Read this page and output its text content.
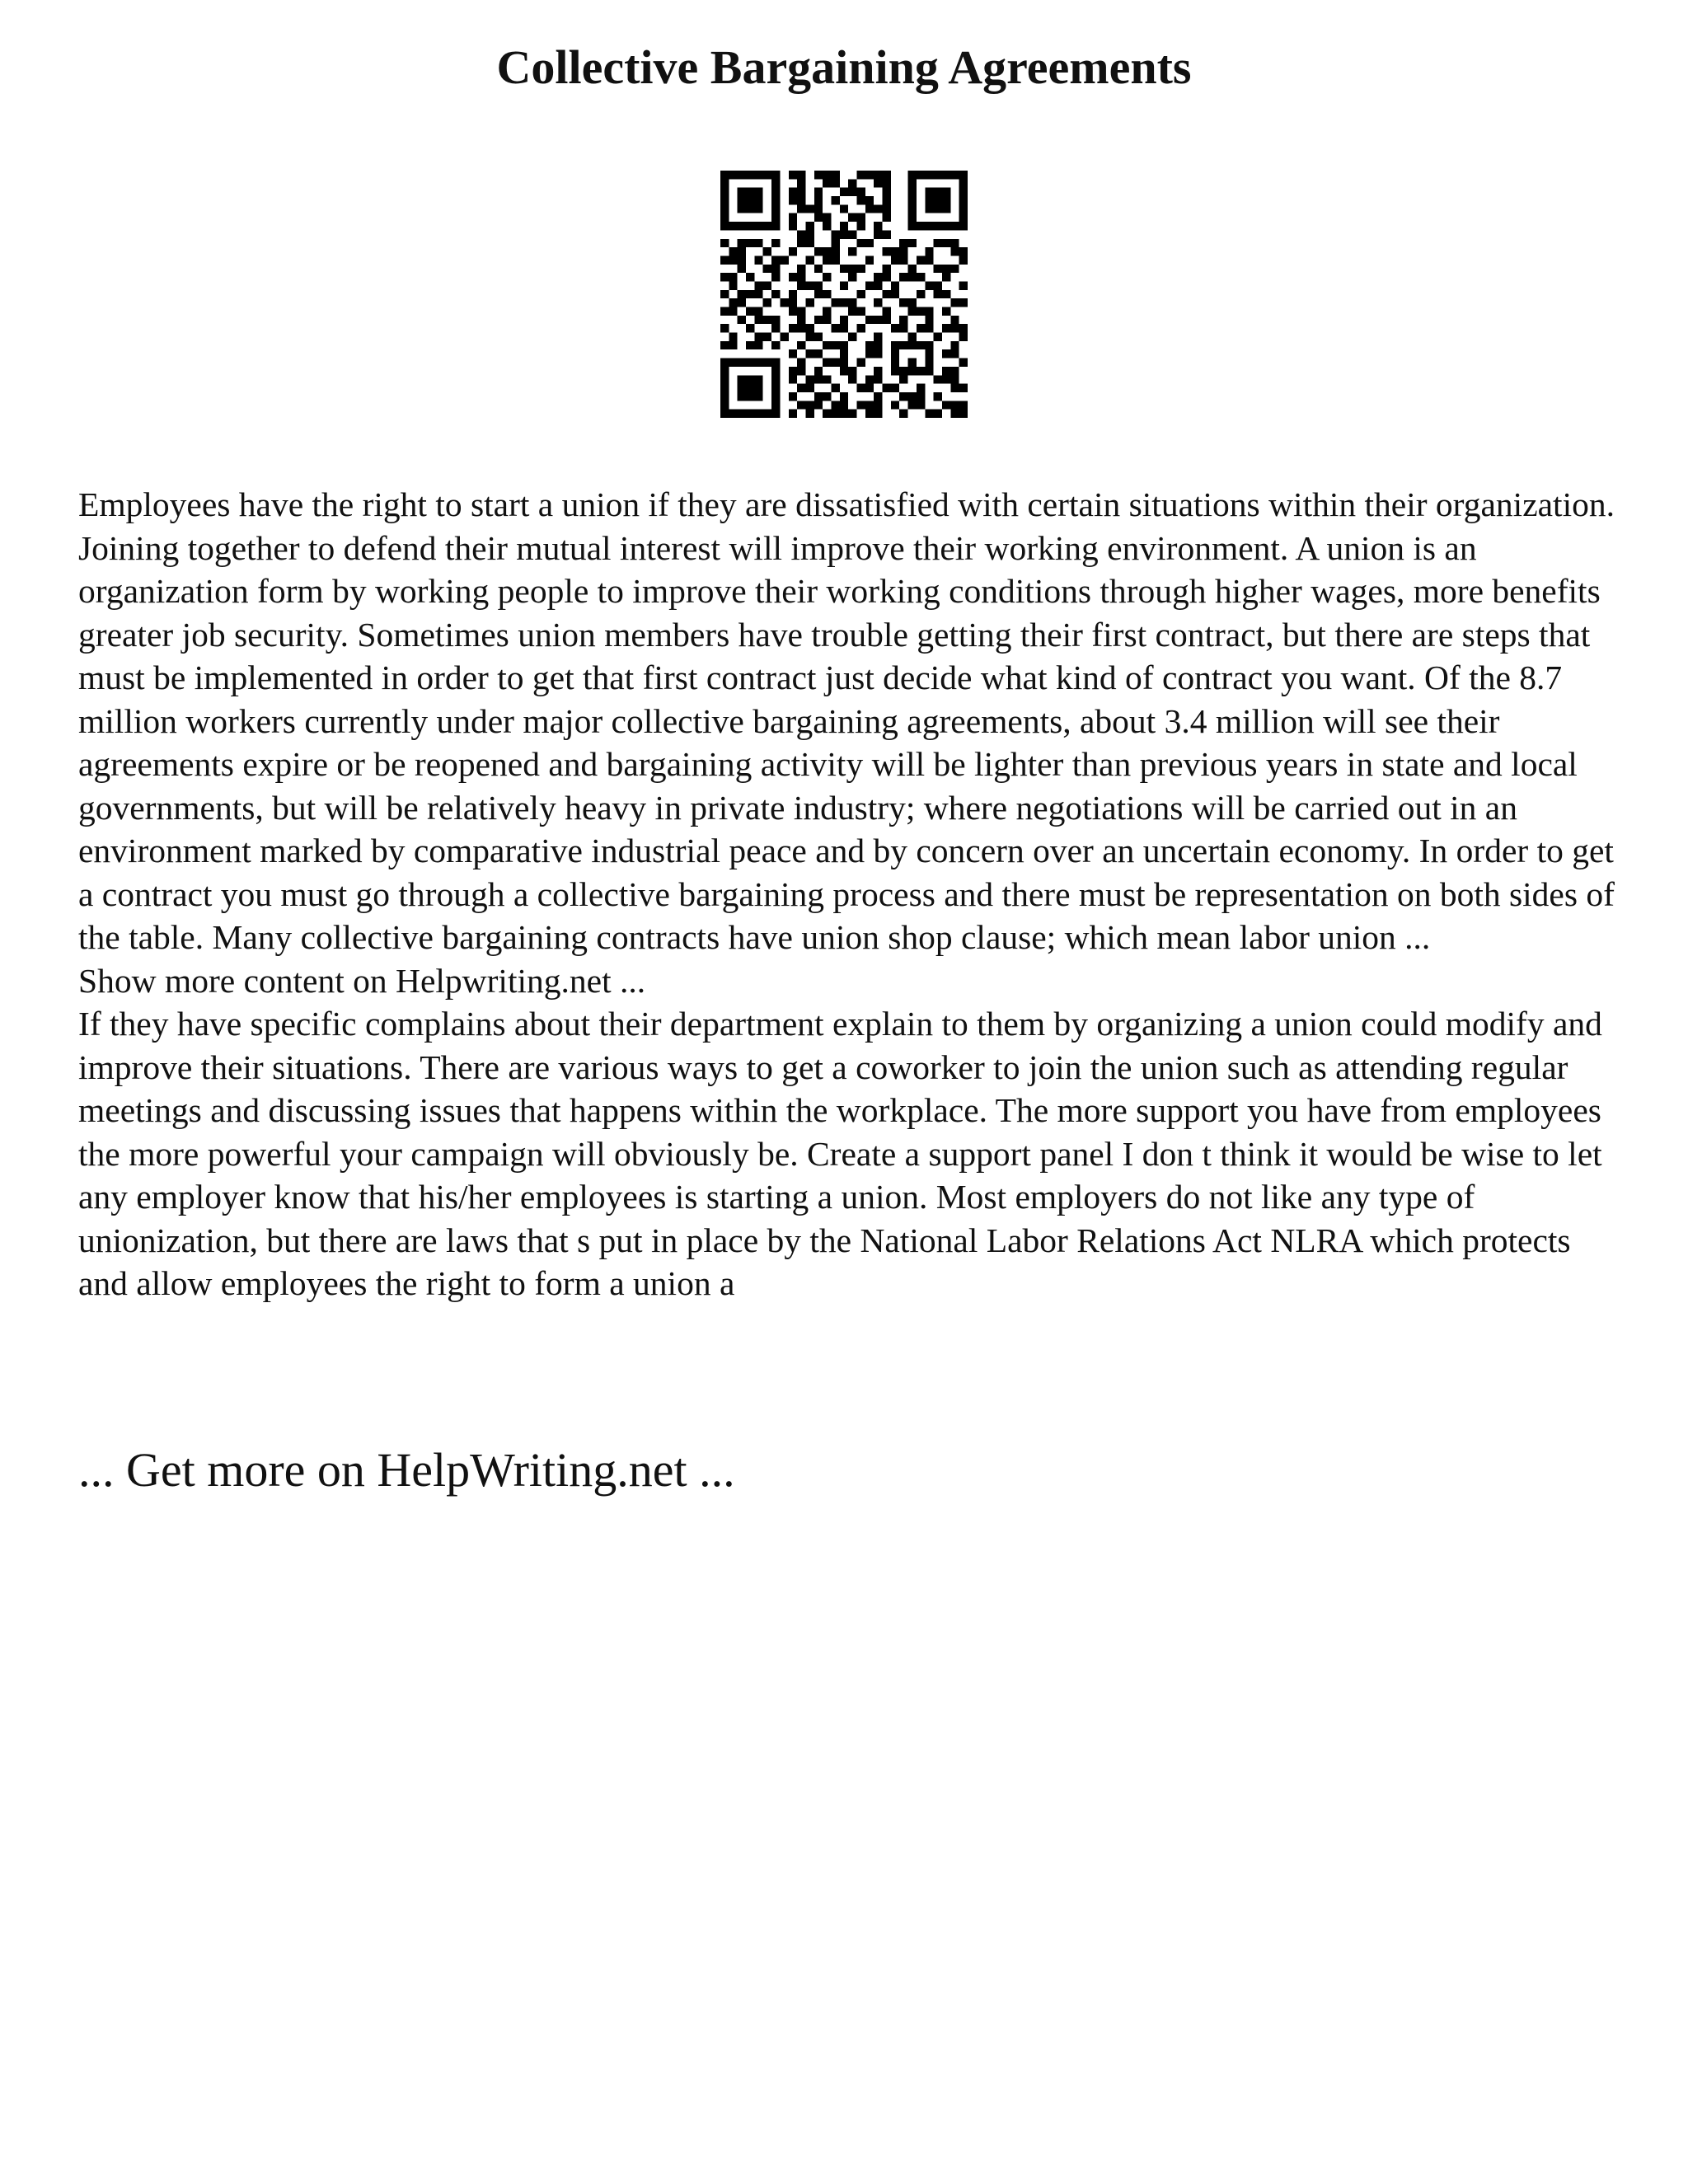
Collective Bargaining Agreements

Employees have the right to start a union if they are dissatisfied with certain situations within their organization. Joining together to defend their mutual interest will improve their working environment. A union is an organization form by working people to improve their working conditions through higher wages, more benefits greater job security. Sometimes union members have trouble getting their first contract, but there are steps that must be implemented in order to get that first contract just decide what kind of contract you want. Of the 8.7 million workers currently under major collective bargaining agreements, about 3.4 million will see their agreements expire or be reopened and bargaining activity will be lighter than previous years in state and local governments, but will be relatively heavy in private industry; where negotiations will be carried out in an environment marked by comparative industrial peace and by concern over an uncertain economy. In order to get a contract you must go through a collective bargaining process and there must be representation on both sides of the table. Many collective bargaining contracts have union shop clause; which mean labor union ...

Show more content on Helpwriting.net ...

If they have specific complains about their department explain to them by organizing a union could modify and improve their situations. There are various ways to get a coworker to join the union such as attending regular meetings and discussing issues that happens within the workplace. The more support you have from employees the more powerful your campaign will obviously be. Create a support panel I don t think it would be wise to let any employer know that his/her employees is starting a union. Most employers do not like any type of unionization, but there are laws that s put in place by the National Labor Relations Act NLRA which protects and allow employees the right to form a union a

... Get more on HelpWriting.net ...
